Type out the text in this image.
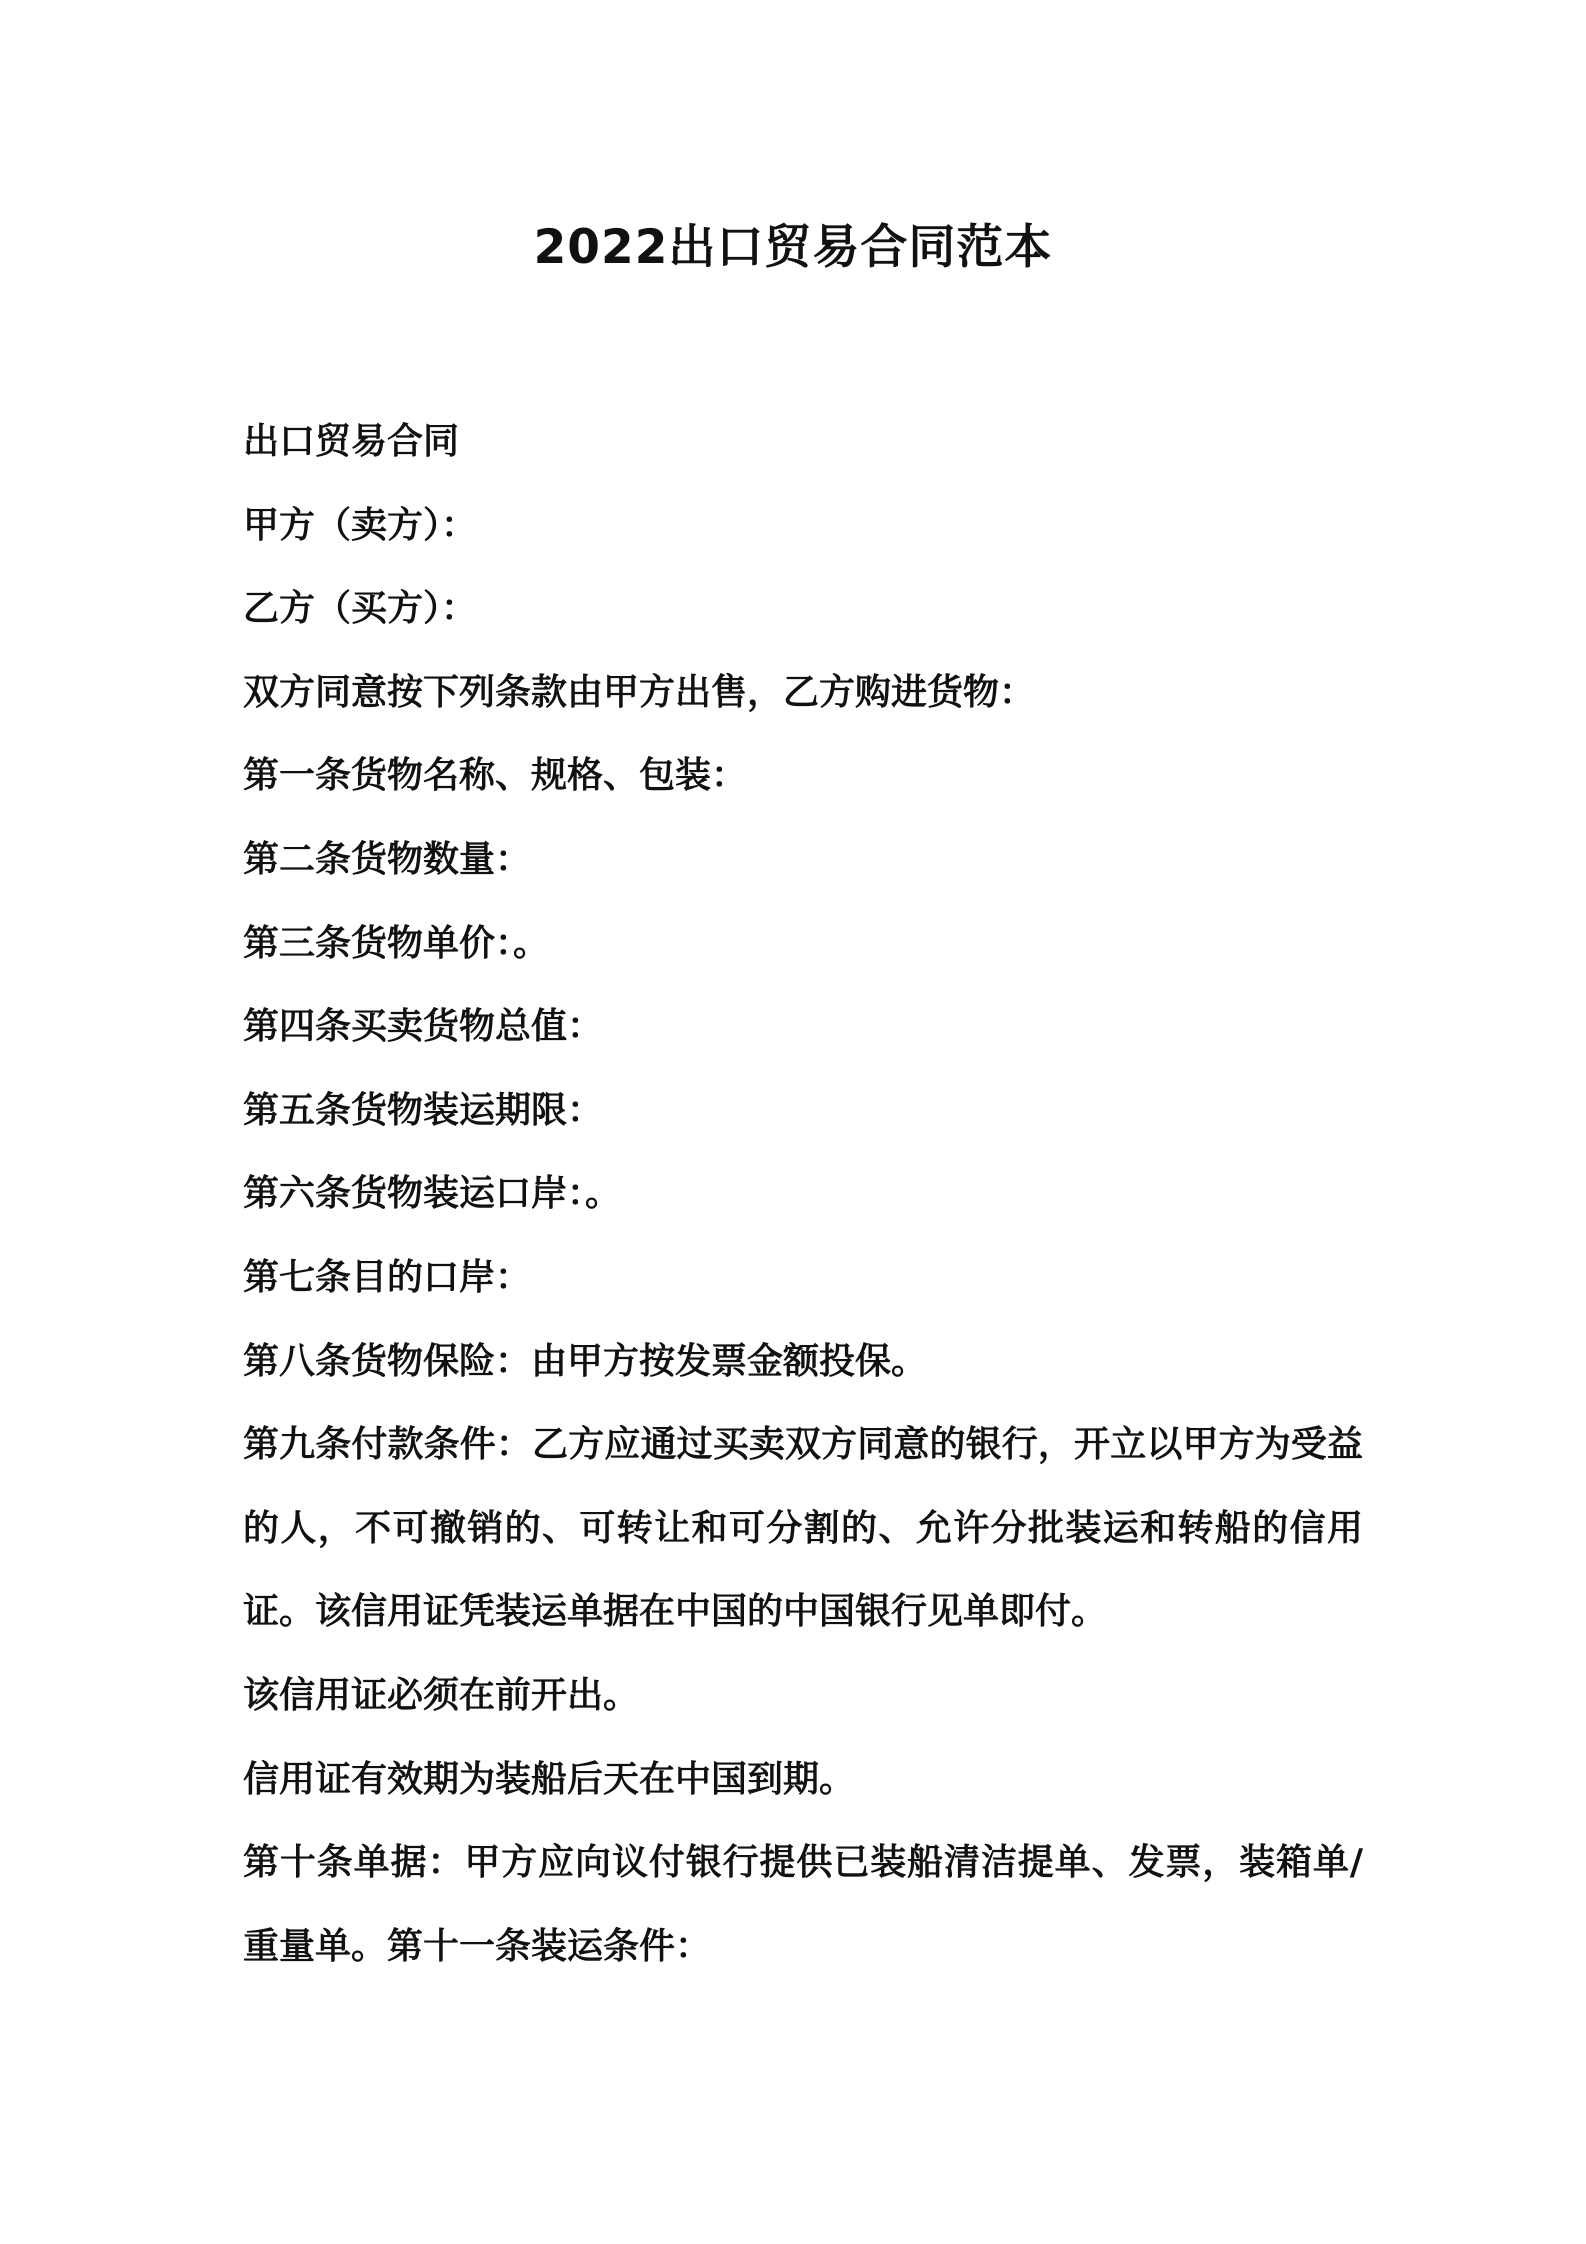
2022出口贸易合同范本

出口贸易合同

甲方（卖方）：

乙方（买方）：

双方同意按下列条款由甲方出售，乙方购进货物：

第一条货物名称、规格、包装：

第二条货物数量：

第三条货物单价：。

第四条买卖货物总值：

第五条货物装运期限：

第六条货物装运口岸：。

第七条目的口岸：

第八条货物保险：由甲方按发票金额投保。

第九条付款条件：乙方应通过买卖双方同意的银行，开立以甲方为受益的人，不可撤销的、可转让和可分割的、允许分批装运和转船的信用证。该信用证凭装运单据在中国的中国银行见单即付。

该信用证必须在前开出。

信用证有效期为装船后天在中国到期。

第十条单据：甲方应向议付银行提供已装船清洁提单、发票，装箱单/重量单。第十一条装运条件：
